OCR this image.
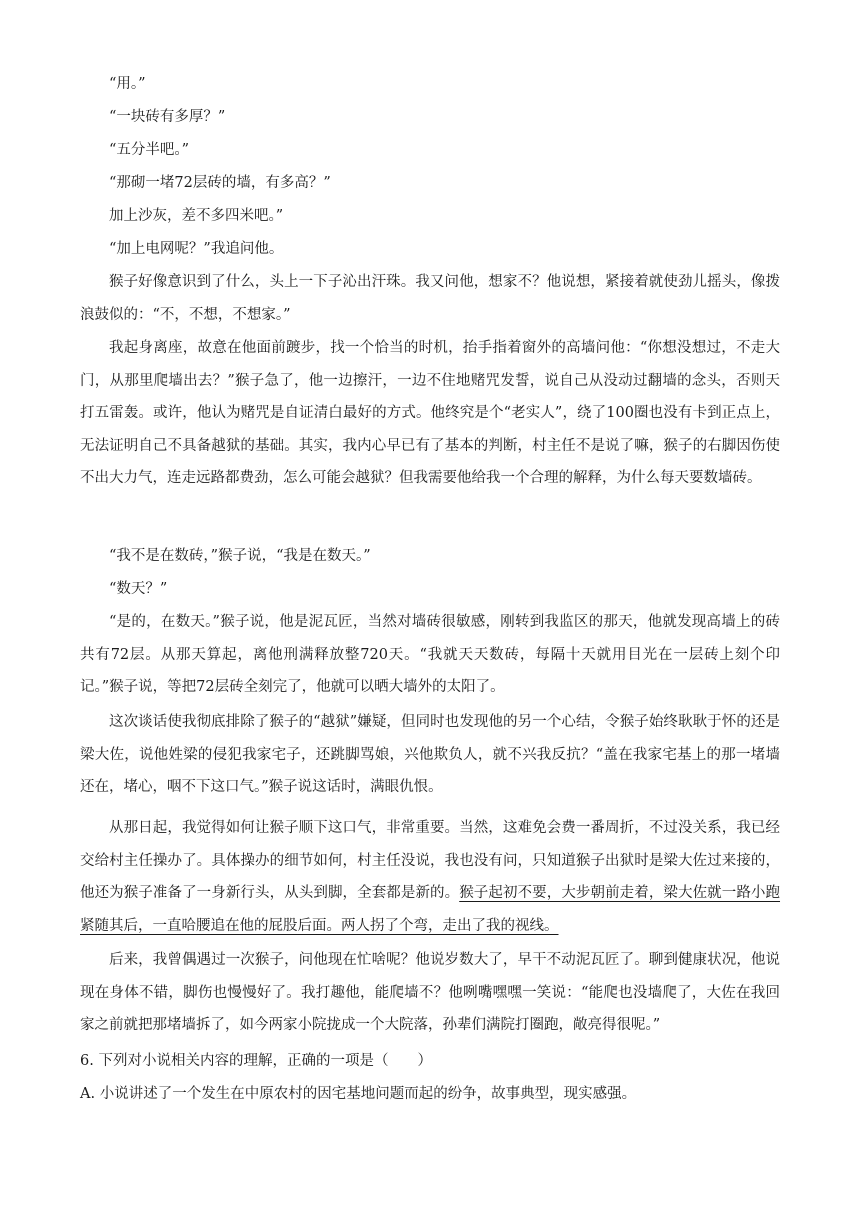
“用。”

“一块砖有多厚？”

“五分半吧。”

“那砌一堵72层砖的墙，有多高？”

加上沙灰，差不多四米吧。”

“加上电网呢？”我追问他。

猴子好像意识到了什么，头上一下子沁出汗珠。我又问他，想家不？他说想，紧接着就使劲儿摇头，像拨浪鼓似的：“不，不想，不想家。”

我起身离座，故意在他面前踱步，找一个恰当的时机，抬手指着窗外的高墙问他：“你想没想过，不走大门，从那里爬墙出去？”猴子急了，他一边擦汗，一边不住地赌咒发誓，说自己从没动过翻墙的念头，否则天打五雷轰。或许，他认为赌咒是自证清白最好的方式。他终究是个“老实人”，绕了100圈也没有卡到正点上，无法证明自己不具备越狱的基础。其实，我内心早已有了基本的判断，村主任不是说了嘛，猴子的右脚因伤使不出大力气，连走远路都费劲，怎么可能会越狱？但我需要他给我一个合理的解释，为什么每天要数墙砖。

“我不是在数砖，”猴子说，“我是在数天。”

“数天？”

“是的，在数天。”猴子说，他是泥瓦匠，当然对墙砖很敏感，刚转到我监区的那天，他就发现高墙上的砖共有72层。从那天算起，离他刑满释放整720天。“我就天天数砖，每隔十天就用目光在一层砖上刻个印记。”猴子说，等把72层砖全刻完了，他就可以晒大墙外的太阳了。

这次谈话使我彻底排除了猴子的“越狱”嫌疑，但同时也发现他的另一个心结，令猴子始终耿耿于怀的还是梁大佐，说他姓梁的侵犯我家宅子，还跳脚骂娘，兴他欺负人，就不兴我反抗？“盖在我家宅基上的那一堵墙还在，堵心，咽不下这口气。”猴子说这话时，满眼仇恨。

从那日起，我觉得如何让猴子顺下这口气，非常重要。当然，这难免会费一番周折，不过没关系，我已经交给村主任操办了。具体操办的细节如何，村主任没说，我也没有问，只知道猴子出狱时是梁大佐过来接的，他还为猴子准备了一身新行头，从头到脚，全套都是新的。猴子起初不要，大步朝前走着，梁大佐就一路小跑紧随其后，一直哈腰追在他的屁股后面。两人拐了个弯，走出了我的视线。

后来，我曾偶遇过一次猴子，问他现在忙啥呢？他说岁数大了，早干不动泥瓦匠了。聊到健康状况，他说现在身体不错，脚伤也慢慢好了。我打趣他，能爬墙不？他咧嘴嘿嘿一笑说：“能爬也没墙爬了，大佐在我回家之前就把那堵墙拆了，如今两家小院拢成一个大院落，孙辈们满院打圈跑，敞亮得很呢。”

6. 下列对小说相关内容的理解，正确的一项是（　　）

A. 小说讲述了一个发生在中原农村的因宅基地问题而起的纷争，故事典型，现实感强。
